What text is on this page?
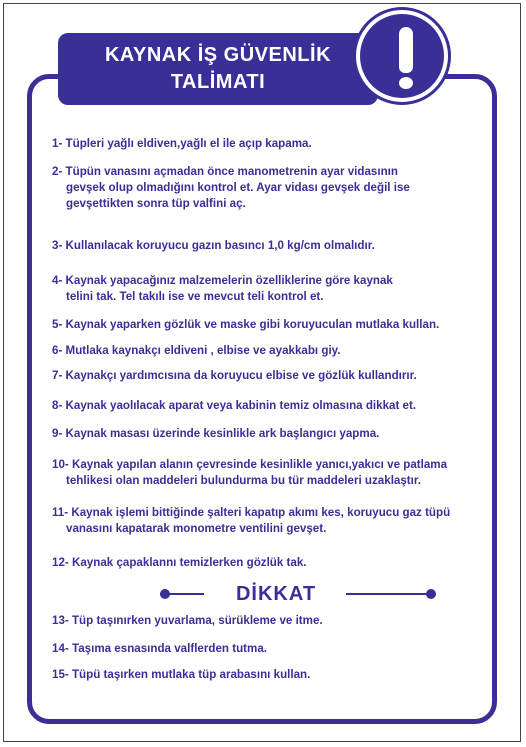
KAYNAK İŞ GÜVENLİK
TALİMATI
1- Tüpleri yağlı eldiven,yağlı el ile açıp kapama.
2- Tüpün vanasını açmadan önce manometrenin ayar vidasının
gevşek olup olmadığını kontrol et. Ayar vidası gevşek değil ise
gevşettikten sonra tüp valfini aç.
3- Kullanılacak koruyucu gazın basıncı 1,0 kg/cm olmalıdır.
4- Kaynak yapacağınız malzemelerin özelliklerine göre kaynak
telini tak. Tel takılı ise ve mevcut teli kontrol et.
5- Kaynak yaparken gözlük ve maske gibi koruyuculan mutlaka kullan.
6- Mutlaka kaynakçı eldiveni , elbise ve ayakkabı giy.
7- Kaynakçı yardımcısına da koruyucu elbise ve gözlük kullandırır.
8- Kaynak yaolılacak aparat veya kabinin temiz olmasına dikkat et.
9- Kaynak masası üzerinde kesinlikle ark başlangıcı yapma.
10- Kaynak yapılan alanın çevresinde kesinlikle yanıcı,yakıcı ve patlama
tehlikesi olan maddeleri bulundurma bu tür maddeleri uzaklaştır.
11- Kaynak işlemi bittiğinde şalteri kapatıp akımı kes, koruyucu gaz tüpü
vanasını kapatarak monometre ventilini gevşet.
12- Kaynak çapaklannı temizlerken gözlük tak.
DİKKAT
13- Tüp taşınırken yuvarlama, sürükleme ve itme.
14- Taşıma esnasında valflerden tutma.
15- Tüpü taşırken mutlaka tüp arabasını kullan.
